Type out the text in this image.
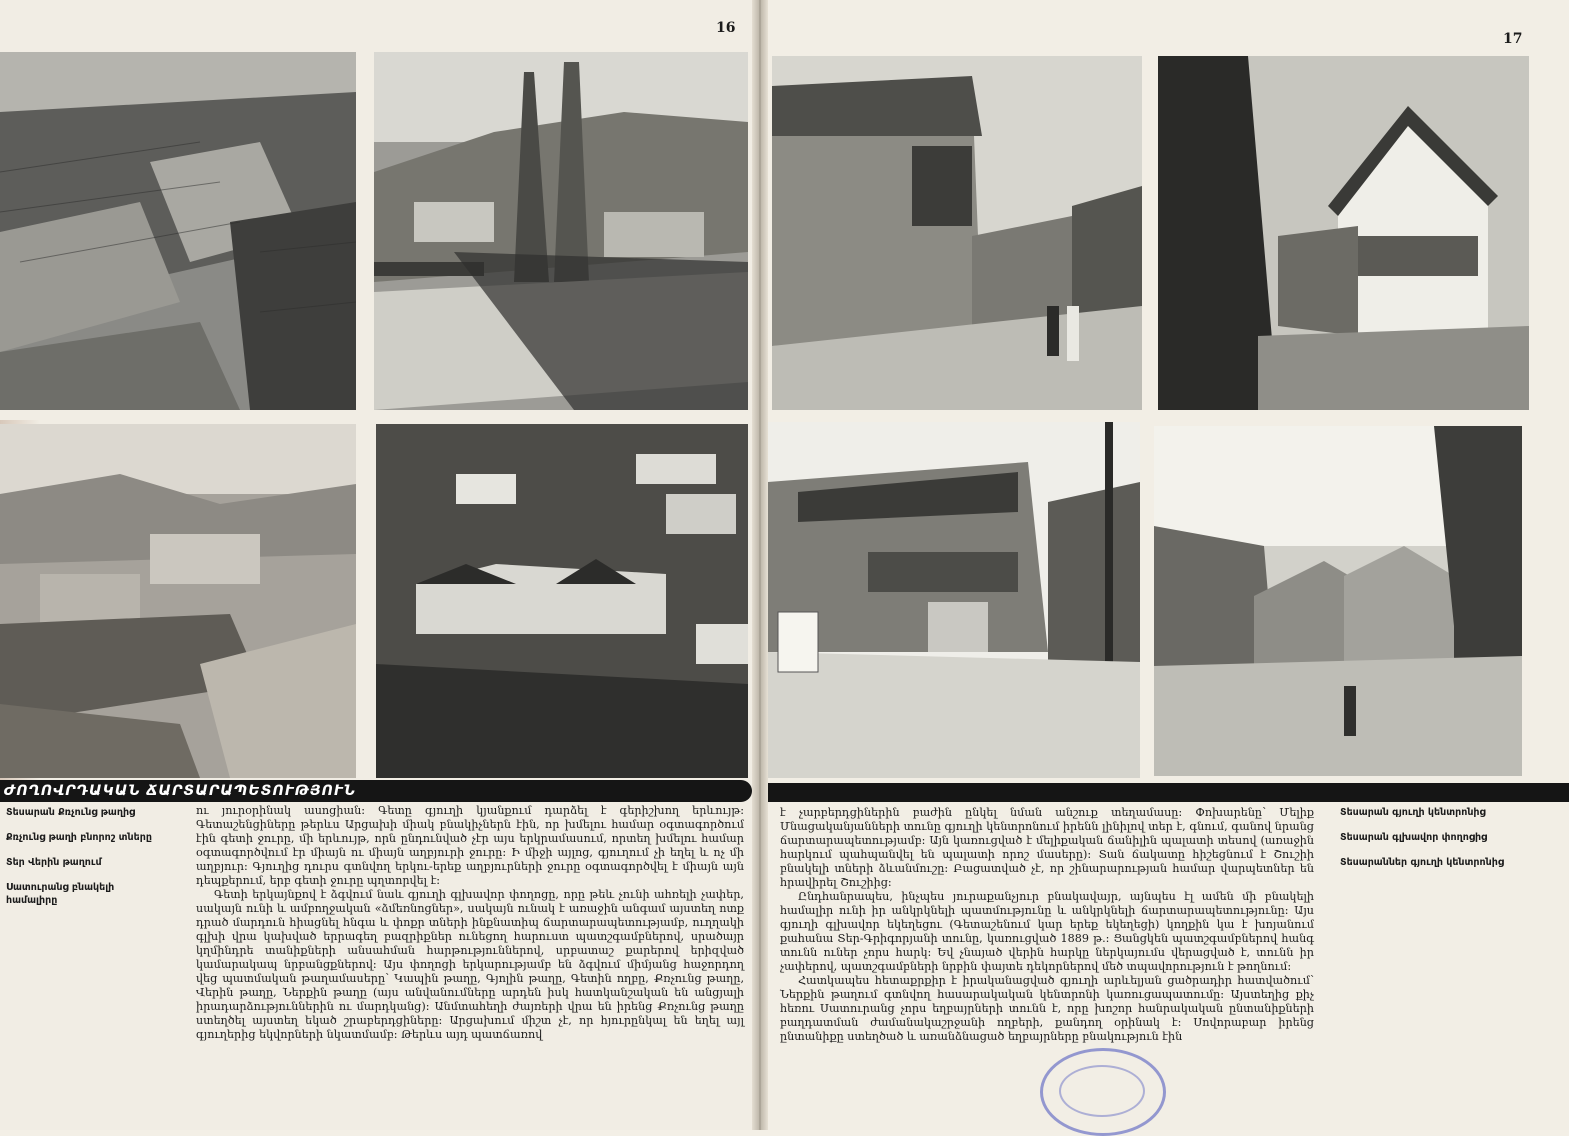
16
17
ԺՈՂՈՎՐԴԱԿԱՆ ՃԱՐՏԱՐԱՊԵՏՈՒԹՅՈՒՆ
Տեսարան Քռչունց թաղից
Քռչունց թաղի բնորոշ տները
Տեր Վերին թաղում
Սատուրանց բնակելի համալիրը

ու յուրօրինակ ասոցիան։ Գետը գյուղի կյանքում դարձել է գերիշխող երևույթ։ Գետաշենցիները թերևս Արցախի միակ բնակիչներն էին, որ խմելու համար օգտագործում էին գետի ջուրը, մի երևույթ, որն ընդունված չէր այս երկրամասում, որտեղ խմելու համար օգտագործվում էր միայն ու միայն աղբյուրի ջուրը։ Ի միջի այլոց, գյուղում չի եղել և ոչ մի աղբյուր։ Գյուղից դուրս գտնվող երկու-երեք աղբյուրների ջուրը օգտագործվել է միայն այն դեպքերում, երբ գետի ջուրը պղտորվել է։

Գետի երկայնքով է ձգվում նաև գյուղի գլխավոր փողոցը, որը թեև չունի ահռելի չափեր, սակայն ունի և ամբողջական «ձմեռնոցներ», սակայն ունակ է առաջին անգամ այստեղ ոտք դրած մարդուն հիացնել հնգա և փոքր տների ինքնատիպ ճարտարապետությամբ, ուղղակի գլխի վրա կախված երրագեղ բազրիքներ ունեցող հարուստ պատշգամբներով, սրածայր կղմինդրե տանիքների անսահման հարթություններով, սրբատաշ քարերով երիզված կամարակապ նրբանցքներով։ Այս փողոցի երկարությամբ են ձգվում միմյանց հաջորդող վեց պատմական թաղամասերը՝ Կապին թաղը, Գյոլին թաղը, Գետին ողբը, Քռչունց թաղը, Վերին թաղը, Ներքին թաղը (այս անվանումները արդեն իսկ հատկանշական են անցյալի իրադարձություններին ու մարդկանց)։ Անմտահեղի ժայռերի վրա են իրենց Քռչունց թաղը ստեղծել այստեղ եկած շրաբերդցիները։ Արցախում միշտ չէ, որ հյուրընկալ են եղել այլ գյուղերից եկվորների նկատմամբ։ Թերևս այդ պատճառով

է չարբերդցիներին բաժին ընկել նման անշուք տեղամասը։ Փոխարենը՝ Մելիք Մնացականյանների տունը գյուղի կենտրոնում իրենն լինիլով տեր է, գնում, գանով նրանց ճարտարապետությամբ։ Այն կառուցված է մելիքական ճանիլին պալատի տեսով (առաջին հարկում պահպանվել են պալատի որոշ մասերը)։ Տան ճակատը հիշեցնում է Շուշիի բնակելի տների ձևանմուշը։ Բացատված չէ, որ շինարարության համար վարպետներ են հրավիրել Շուշիից։

Ընդհանրապես, ինչպես յուրաքանչյուր բնակավայր, այնպես էլ ամեն մի բնակելի համալիր ունի իր անկրկնելի պատմությունը և անկրկնելի ճարտարապետությունը։ Այս գյուղի գլխավոր եկեղեցու (Գետաշենում կար երեք եկեղեցի) կողքին կա է խոյանում քահանա Տեր-Գրիգորյանի տունը, կառուցված 1889 թ.։ Ցանցկեն պատշգամբներով հանգ տունն ուներ չորս հարկ։ Եվ չնայած վերին հարկը ներկայումս վերացված է, տունն իր չափերով, պատշգամբների նրբին փայտե դեկորներով մեծ տպավորություն է թողնում։

Հատկապես հետաքրքիր է իրականացված գյուղի արևելյան ցածրադիր հատվածում՝ Ներքին թաղում գտնվող հասարակական կենտրոնի կառուցապատումը։ Այստեղից քիչ հեռու Սատուրանց չորս եղբայրների տունն է, որը խոշոր հանրակական ընտանիքների բաղդատման ժամանակաշրջանի ողբերի, քանդող օրինակ է։ Սովորաբար իրենց ընտանիքը ստեղծած և առանձնացած եղբայրները բնակություն էին

Տեսարան գյուղի կենտրոնից
Տեսարան գլխավոր փողոցից
Տեսարաններ գյուղի կենտրոնից
